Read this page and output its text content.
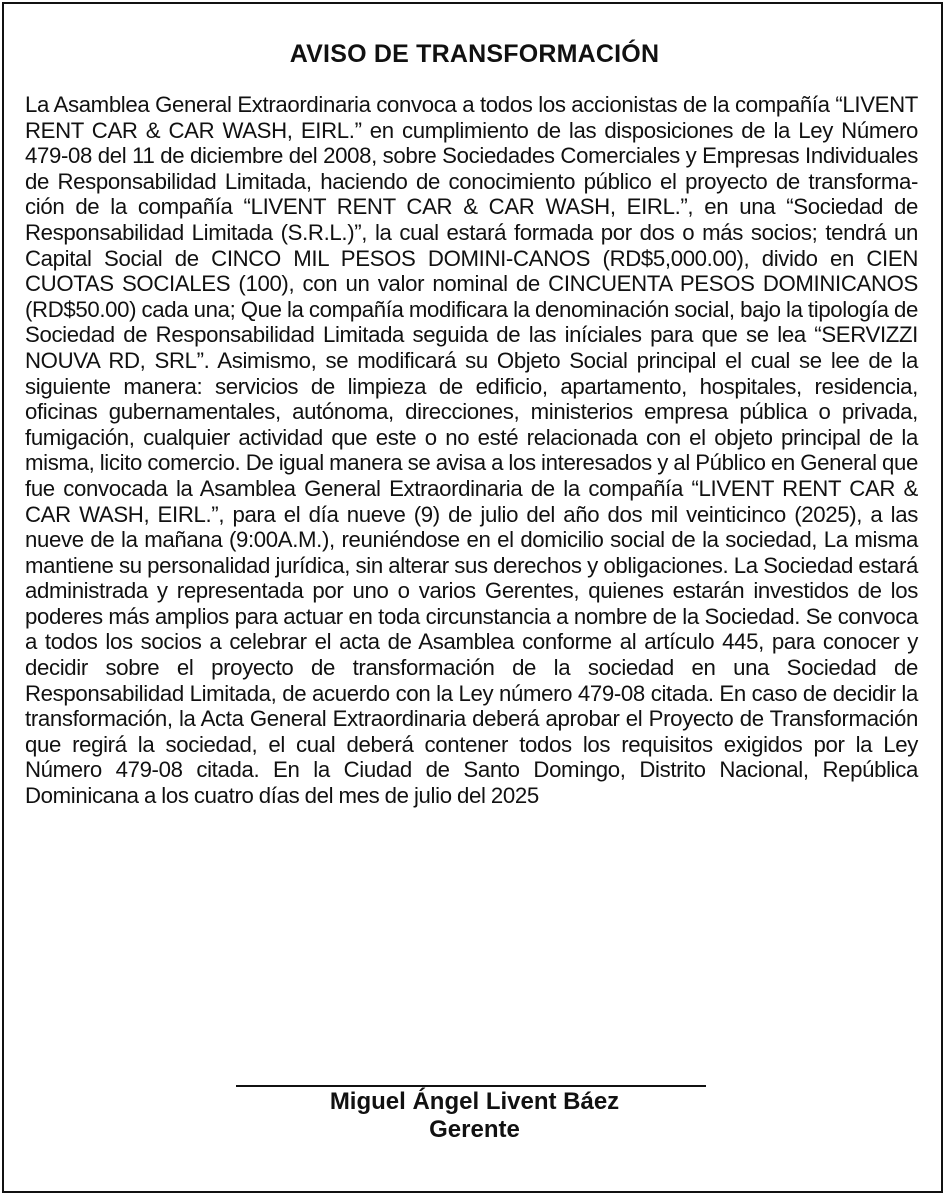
AVISO DE TRANSFORMACIÓN

La Asamblea General Extraordinaria convoca a todos los accionistas de la compañía “LIVENT RENT CAR & CAR WASH, EIRL.” en cumplimiento de las disposiciones de la Ley Número 479-08 del 11 de diciembre del 2008, sobre Sociedades Comerciales y Empresas Individuales de Responsabilidad Limitada, haciendo de conocimiento público el proyecto de transforma-ción de la compañía “LIVENT RENT CAR & CAR WASH, EIRL.”, en una “Sociedad de Responsabilidad Limitada (S.R.L.)”, la cual estará formada por dos o más socios; tendrá un Capital Social de CINCO MIL PESOS DOMINI-CANOS (RD$5,000.00), divido en CIEN CUOTAS SOCIALES (100), con un valor nominal de CINCUENTA PESOS DOMINICANOS (RD$50.00) cada una; Que la compañía modificara la denominación social, bajo la tipología de Sociedad de Responsabilidad Limitada seguida de las iníciales para que se lea “SERVIZZI NOUVA RD, SRL”. Asimismo, se modificará su Objeto Social principal el cual se lee de la siguiente manera: servicios de limpieza de edificio, apartamento, hospitales, residencia, oficinas gubernamentales, autónoma, direcciones, ministerios empresa pública o privada, fumigación, cualquier actividad que este o no esté relacionada con el objeto principal de la misma, licito comercio. De igual manera se avisa a los interesados y al Público en General que fue convocada la Asamblea General Extraordinaria de la compañía “LIVENT RENT CAR & CAR WASH, EIRL.”, para el día nueve (9) de julio del año dos mil veinticinco (2025), a las nueve de la mañana (9:00A.M.), reuniéndose en el domicilio social de la sociedad, La misma mantiene su personalidad jurídica, sin alterar sus derechos y obligaciones. La Sociedad estará administrada y representada por uno o varios Gerentes, quienes estarán investidos de los poderes más amplios para actuar en toda circunstancia a nombre de la Sociedad. Se convoca a todos los socios a celebrar el acta de Asamblea conforme al artículo 445, para conocer y decidir sobre el proyecto de transformación de la sociedad en una Sociedad de Responsabilidad Limitada, de acuerdo con la Ley número 479-08 citada. En caso de decidir la transformación, la Acta General Extraordinaria deberá aprobar el Proyecto de Transformación que regirá la sociedad, el cual deberá contener todos los requisitos exigidos por la Ley Número 479-08 citada. En la Ciudad de Santo Domingo, Distrito Nacional, República Dominicana a los cuatro días del mes de julio del 2025

Miguel Ángel Livent Báez
Gerente
